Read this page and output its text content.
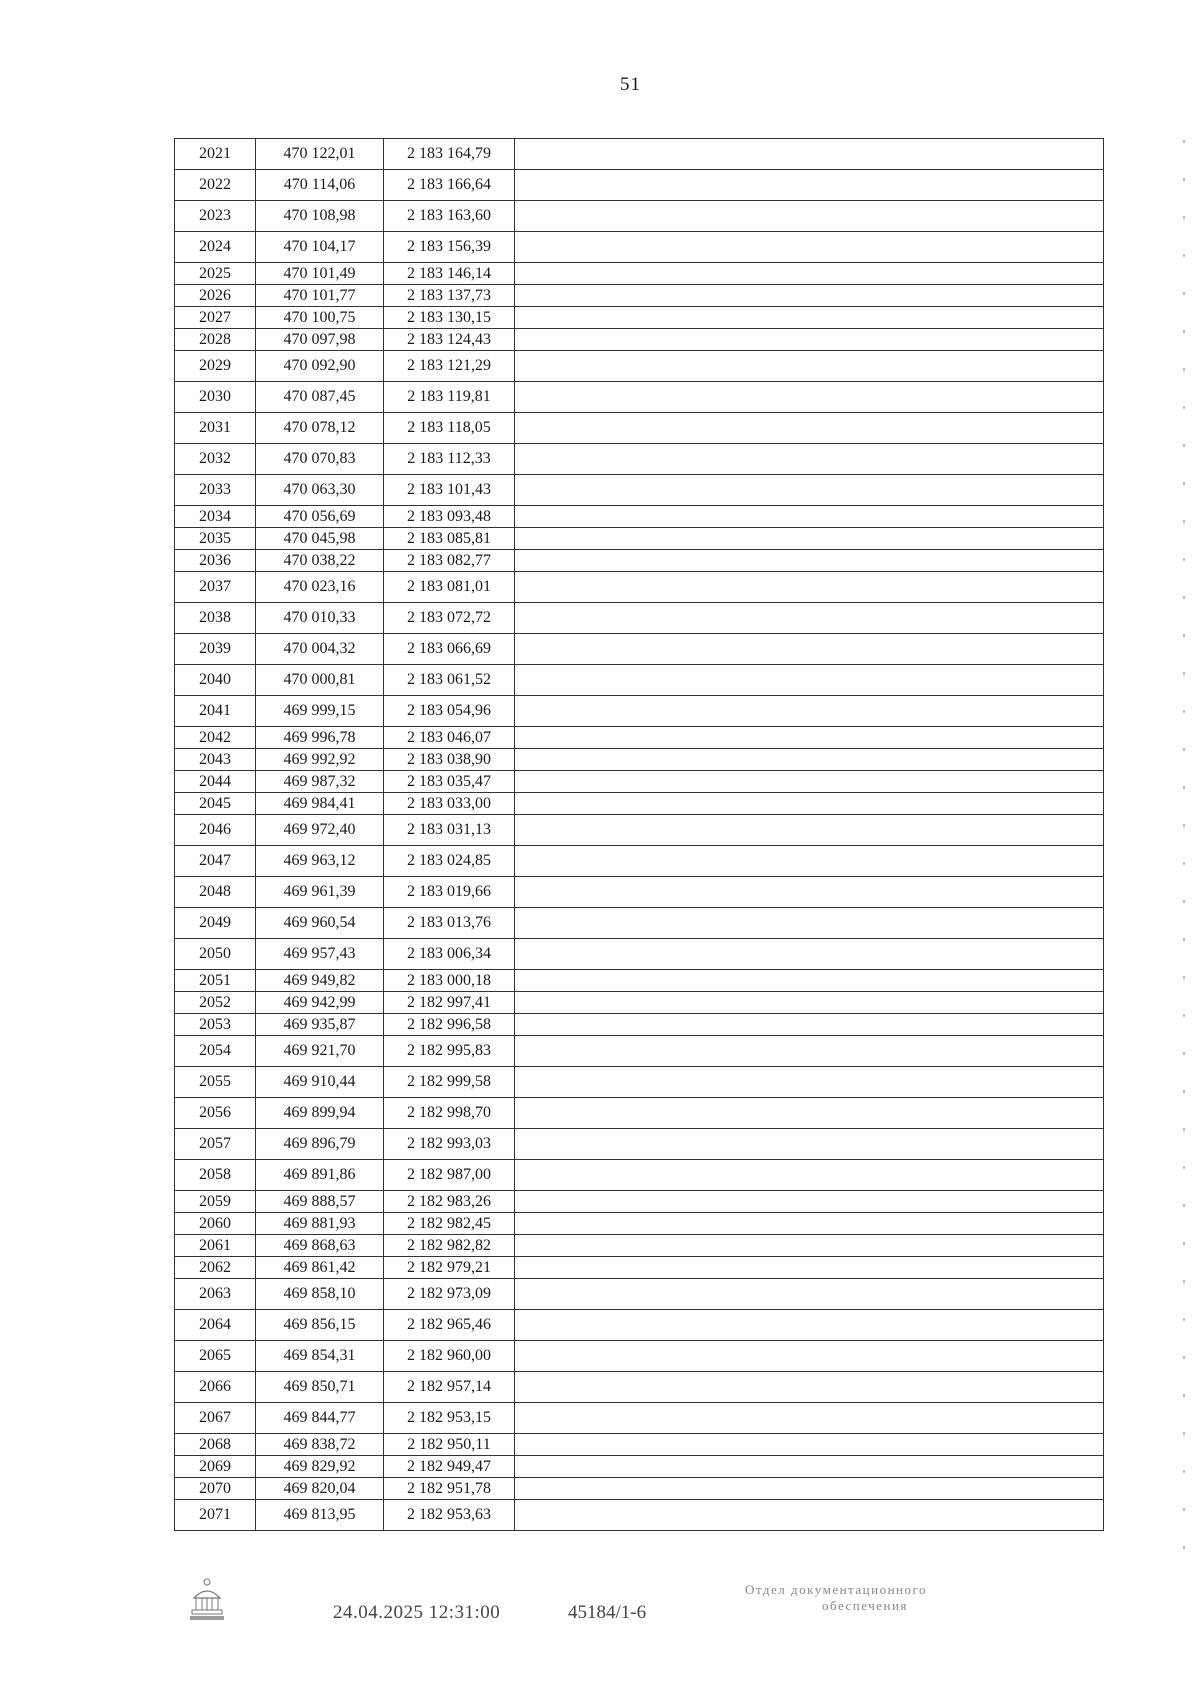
51
2021	470 122,01	2 183 164,79	
2022	470 114,06	2 183 166,64	
2023	470 108,98	2 183 163,60	
2024	470 104,17	2 183 156,39	
2025	470 101,49	2 183 146,14	
2026	470 101,77	2 183 137,73	
2027	470 100,75	2 183 130,15	
2028	470 097,98	2 183 124,43	
2029	470 092,90	2 183 121,29	
2030	470 087,45	2 183 119,81	
2031	470 078,12	2 183 118,05	
2032	470 070,83	2 183 112,33	
2033	470 063,30	2 183 101,43	
2034	470 056,69	2 183 093,48	
2035	470 045,98	2 183 085,81	
2036	470 038,22	2 183 082,77	
2037	470 023,16	2 183 081,01	
2038	470 010,33	2 183 072,72	
2039	470 004,32	2 183 066,69	
2040	470 000,81	2 183 061,52	
2041	469 999,15	2 183 054,96	
2042	469 996,78	2 183 046,07	
2043	469 992,92	2 183 038,90	
2044	469 987,32	2 183 035,47	
2045	469 984,41	2 183 033,00	
2046	469 972,40	2 183 031,13	
2047	469 963,12	2 183 024,85	
2048	469 961,39	2 183 019,66	
2049	469 960,54	2 183 013,76	
2050	469 957,43	2 183 006,34	
2051	469 949,82	2 183 000,18	
2052	469 942,99	2 182 997,41	
2053	469 935,87	2 182 996,58	
2054	469 921,70	2 182 995,83	
2055	469 910,44	2 182 999,58	
2056	469 899,94	2 182 998,70	
2057	469 896,79	2 182 993,03	
2058	469 891,86	2 182 987,00	
2059	469 888,57	2 182 983,26	
2060	469 881,93	2 182 982,45	
2061	469 868,63	2 182 982,82	
2062	469 861,42	2 182 979,21	
2063	469 858,10	2 182 973,09	
2064	469 856,15	2 182 965,46	
2065	469 854,31	2 182 960,00	
2066	469 850,71	2 182 957,14	
2067	469 844,77	2 182 953,15	
2068	469 838,72	2 182 950,11	
2069	469 829,92	2 182 949,47	
2070	469 820,04	2 182 951,78	
2071	469 813,95	2 182 953,63	
24.04.2025 12:31:00	45184/1-6
Отдел документационного
обеспечения
